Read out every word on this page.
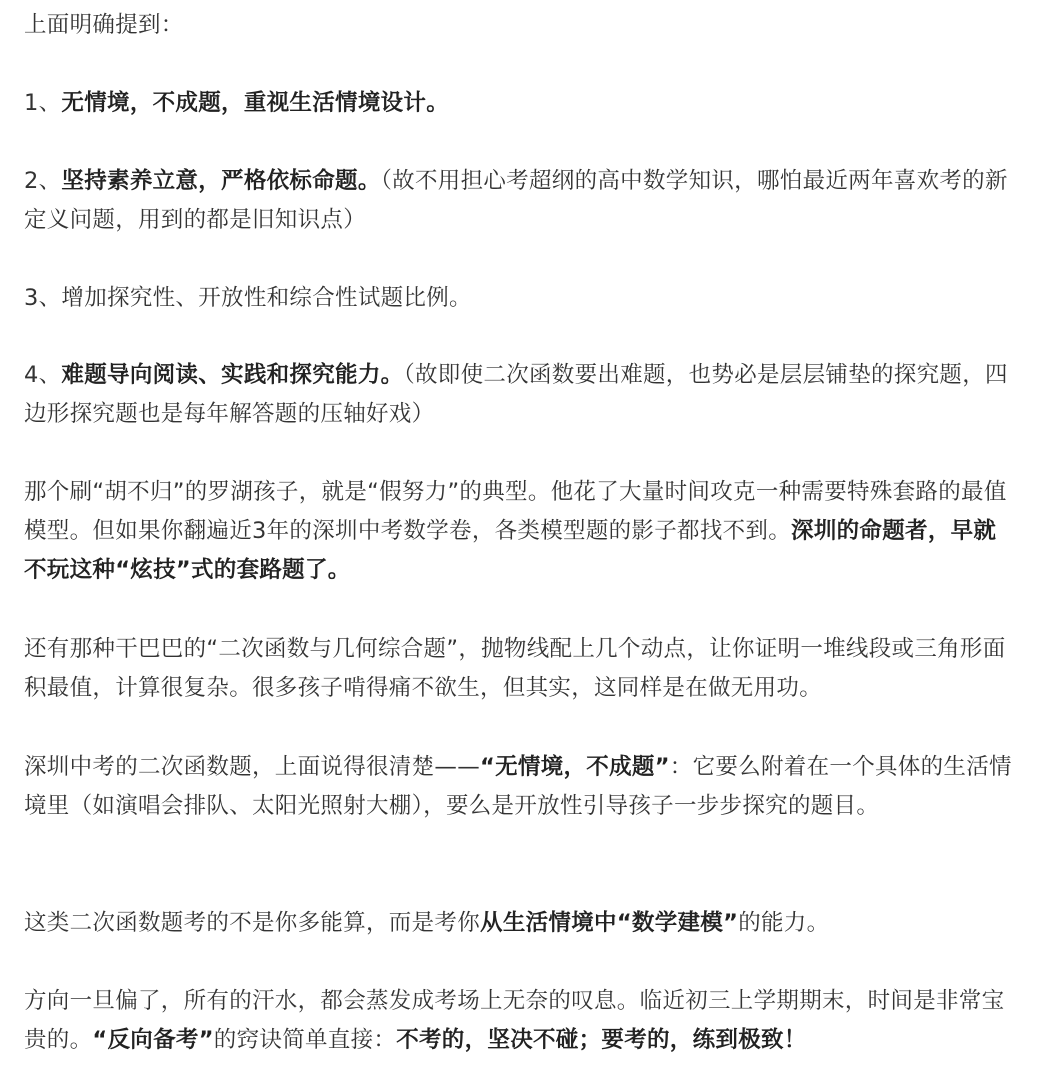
上面明确提到：

1、无情境，不成题，重视生活情境设计。

2、坚持素养立意，严格依标命题。（故不用担心考超纲的高中数学知识，哪怕最近两年喜欢考的新定义问题，用到的都是旧知识点）

3、增加探究性、开放性和综合性试题比例。

4、难题导向阅读、实践和探究能力。（故即使二次函数要出难题，也势必是层层铺垫的探究题，四边形探究题也是每年解答题的压轴好戏）

那个刷“胡不归”的罗湖孩子，就是“假努力”的典型。他花了大量时间攻克一种需要特殊套路的最值模型。但如果你翻遍近3年的深圳中考数学卷，各类模型题的影子都找不到。深圳的命题者，早就不玩这种“炫技”式的套路题了。

还有那种干巴巴的“二次函数与几何综合题”，抛物线配上几个动点，让你证明一堆线段或三角形面积最值，计算很复杂。很多孩子啃得痛不欲生，但其实，这同样是在做无用功。

深圳中考的二次函数题，上面说得很清楚——“无情境，不成题”：它要么附着在一个具体的生活情境里（如演唱会排队、太阳光照射大棚），要么是开放性引导孩子一步步探究的题目。

这类二次函数题考的不是你多能算，而是考你从生活情境中“数学建模”的能力。

方向一旦偏了，所有的汗水，都会蒸发成考场上无奈的叹息。临近初三上学期期末，时间是非常宝贵的。“反向备考”的窍诀简单直接：不考的，坚决不碰；要考的，练到极致！
